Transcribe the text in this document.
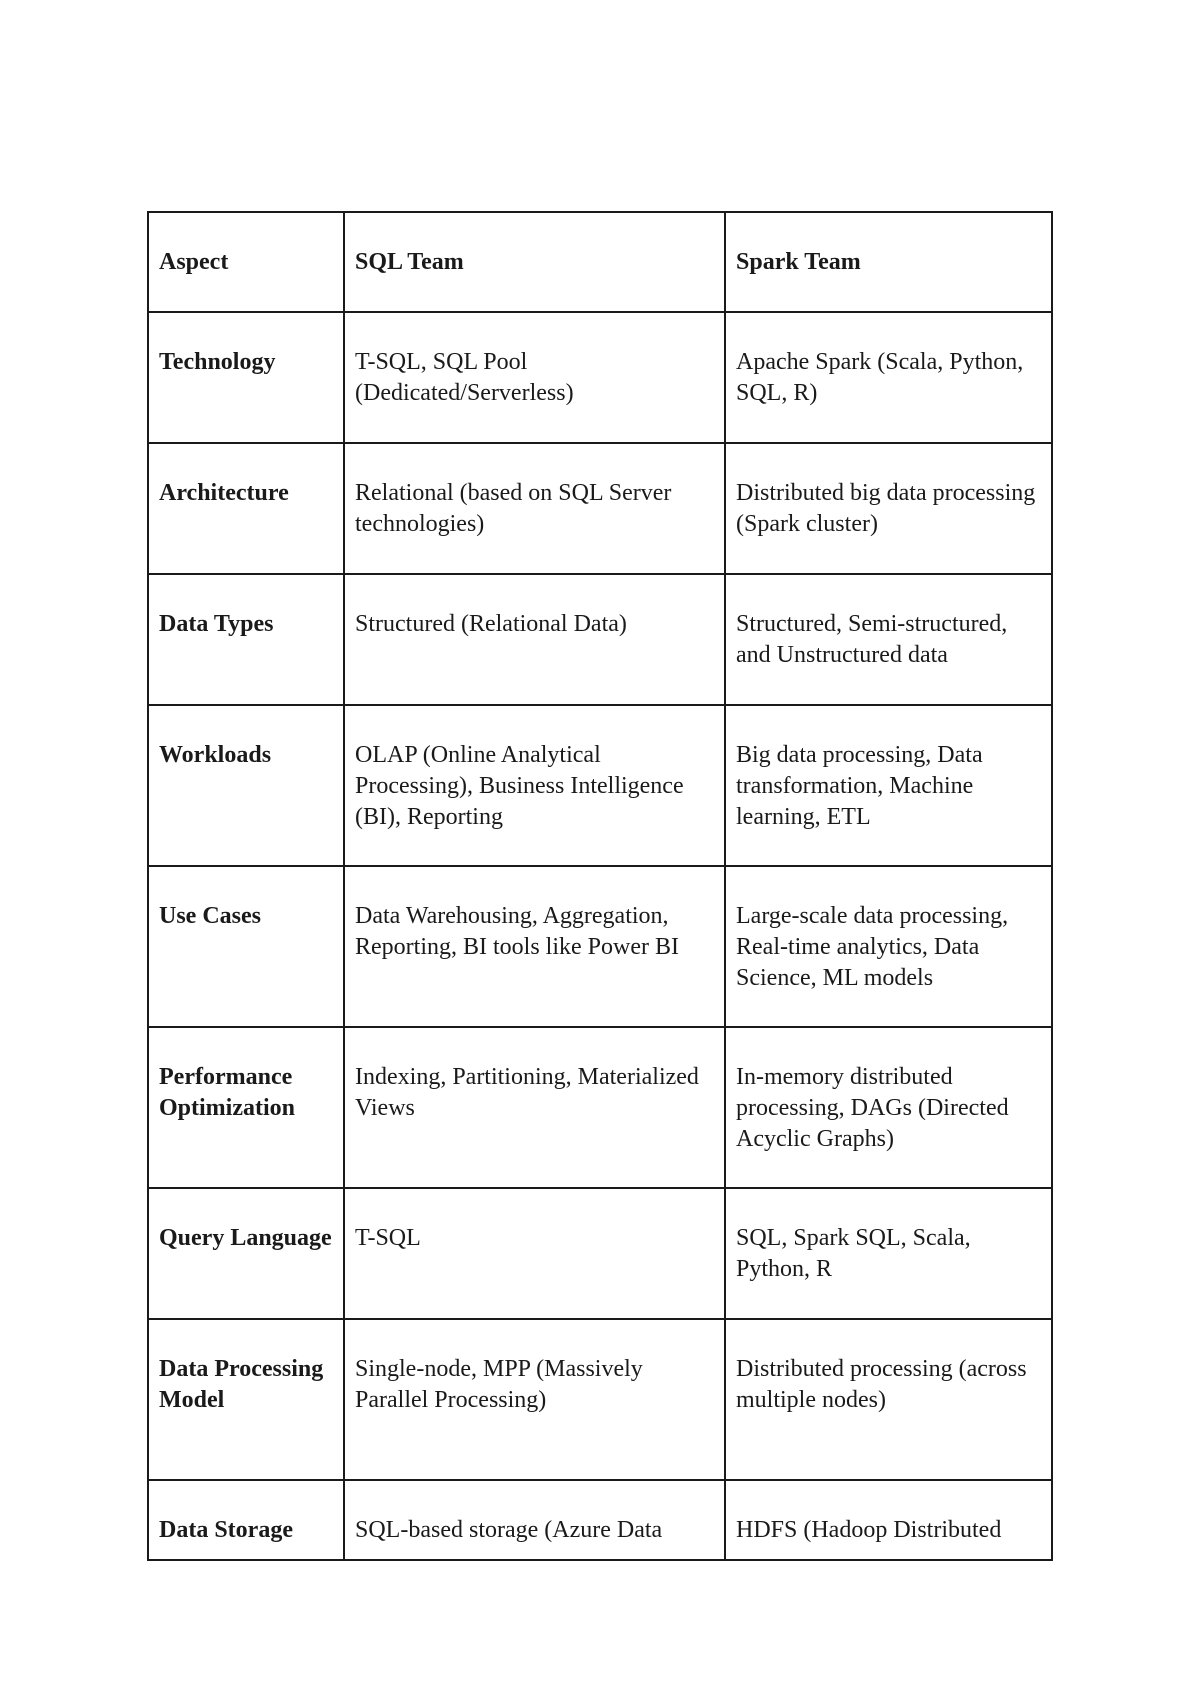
Aspect	SQL Team	Spark Team
Technology	T-SQL, SQL Pool (Dedicated/Serverless)	Apache Spark (Scala, Python, SQL, R)
Architecture	Relational (based on SQL Server technologies)	Distributed big data processing (Spark cluster)
Data Types	Structured (Relational Data)	Structured, Semi-structured, and Unstructured data
Workloads	OLAP (Online Analytical Processing), Business Intelligence (BI), Reporting	Big data processing, Data transformation, Machine learning, ETL
Use Cases	Data Warehousing, Aggregation, Reporting, BI tools like Power BI	Large-scale data processing, Real-time analytics, Data Science, ML models
Performance Optimization	Indexing, Partitioning, Materialized Views	In-memory distributed processing, DAGs (Directed Acyclic Graphs)
Query Language	T-SQL	SQL, Spark SQL, Scala, Python, R
Data Processing Model	Single-node, MPP (Massively Parallel Processing)	Distributed processing (across multiple nodes)
Data Storage	SQL-based storage (Azure Data	HDFS (Hadoop Distributed
